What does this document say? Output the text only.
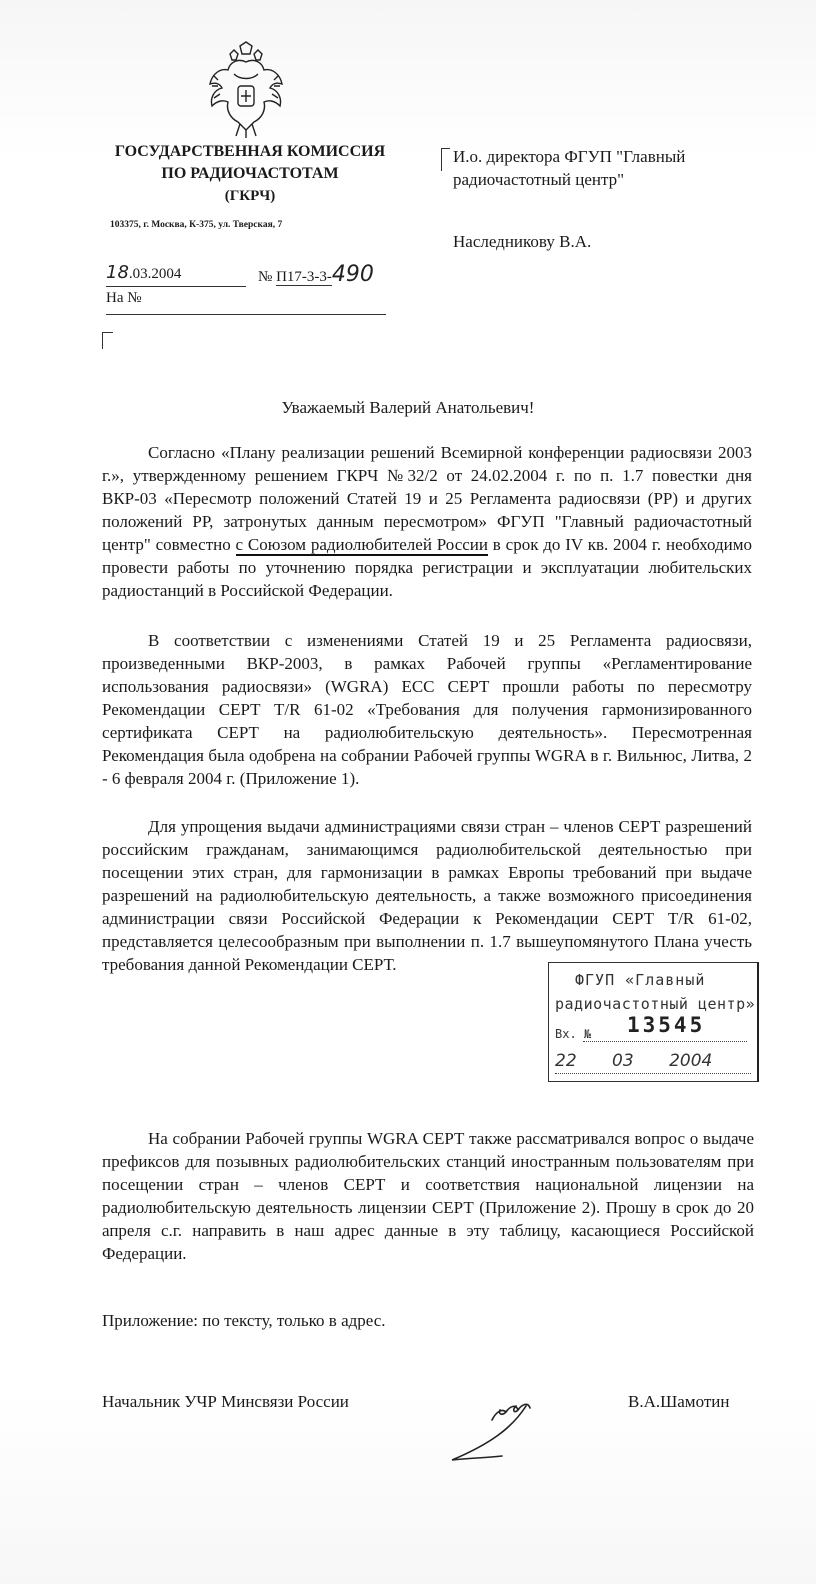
ГОСУДАРСТВЕННАЯ КОМИССИЯ
ПО РАДИОЧАСТОТАМ
(ГКРЧ)
103375, г. Москва, К-375, ул. Тверская, 7
18.03.2004	№ П17-3-3-490
На №
И.о. директора ФГУП "Главный
радиочастотный центр"
Наследникову В.А.
Уважаемый Валерий Анатольевич!

Согласно «Плану реализации решений Всемирной конференции радиосвязи 2003 г.», утвержденному решением ГКРЧ №32/2 от 24.02.2004 г. по п. 1.7 повестки дня ВКР-03 «Пересмотр положений Статей 19 и 25 Регламента радиосвязи (РР) и других положений РР, затронутых данным пересмотром» ФГУП "Главный радиочастотный центр" совместно с Союзом радиолюбителей России в срок до IV кв. 2004 г. необходимо провести работы по уточнению порядка регистрации и эксплуатации любительских радиостанций в Российской Федерации.

В соответствии с изменениями Статей 19 и 25 Регламента радиосвязи, произведенными ВКР-2003, в рамках Рабочей группы «Регламентирование использования радиосвязи» (WGRA) ЕСС СЕРТ прошли работы по пересмотру Рекомендации СЕРТ T/R 61-02 «Требования для получения гармонизированного сертификата СЕРТ на радиолюбительскую деятельность». Пересмотренная Рекомендация была одобрена на собрании Рабочей группы WGRA в г. Вильнюс, Литва, 2 - 6 февраля 2004 г. (Приложение 1).

Для упрощения выдачи администрациями связи стран – членов СЕРТ разрешений российским гражданам, занимающимся радиолюбительской деятельностью при посещении этих стран, для гармонизации в рамках Европы требований при выдаче разрешений на радиолюбительскую деятельность, а также возможного присоединения администрации связи Российской Федерации к Рекомендации СЕРТ T/R 61-02, представляется целесообразным при выполнении п. 1.7 вышеупомянутого Плана учесть требования данной Рекомендации СЕРТ.

На собрании Рабочей группы WGRA СЕРТ также рассматривался вопрос о выдаче префиксов для позывных радиолюбительских станций иностранным пользователям при посещении стран – членов СЕРТ и соответствия национальной лицензии на радиолюбительскую деятельность лицензии СЕРТ (Приложение 2). Прошу в срок до 20 апреля с.г. направить в наш адрес данные в эту таблицу, касающиеся Российской Федерации.

ФГУП «Главный
радиочастотный центр»
13545
Вх. №
22 03 2004
Приложение: по тексту, только в адрес.
Начальник УЧР Минсвязи России	В.А.Шамотин
